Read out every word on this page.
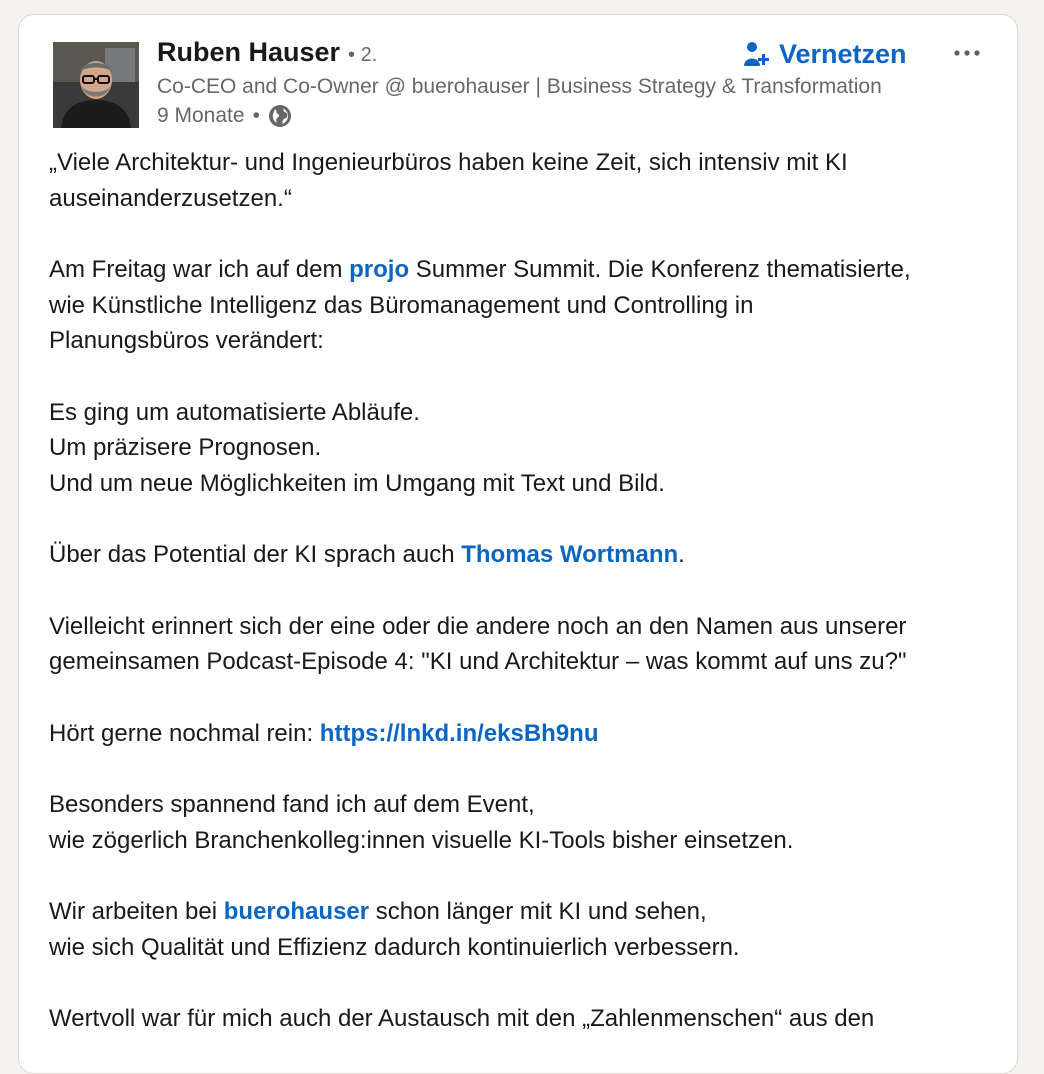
Ruben Hauser • 2.
Co-CEO and Co-Owner @ buerohauser | Business Strategy & Transformation
9 Monate •
Vernetzen

„Viele Architektur- und Ingenieurbüros haben keine Zeit, sich intensiv mit KI

auseinanderzusetzen.“

Am Freitag war ich auf dem projo Summer Summit. Die Konferenz thematisierte,

wie Künstliche Intelligenz das Büromanagement und Controlling in

Planungsbüros verändert:

Es ging um automatisierte Abläufe.

Um präzisere Prognosen.

Und um neue Möglichkeiten im Umgang mit Text und Bild.

Über das Potential der KI sprach auch Thomas Wortmann.

Vielleicht erinnert sich der eine oder die andere noch an den Namen aus unserer

gemeinsamen Podcast-Episode 4: "KI und Architektur – was kommt auf uns zu?"

Hört gerne nochmal rein: https://lnkd.in/eksBh9nu

Besonders spannend fand ich auf dem Event,

wie zögerlich Branchenkolleg:innen visuelle KI-Tools bisher einsetzen.

Wir arbeiten bei buerohauser schon länger mit KI und sehen,

wie sich Qualität und Effizienz dadurch kontinuierlich verbessern.

Wertvoll war für mich auch der Austausch mit den „Zahlenmenschen“ aus den
